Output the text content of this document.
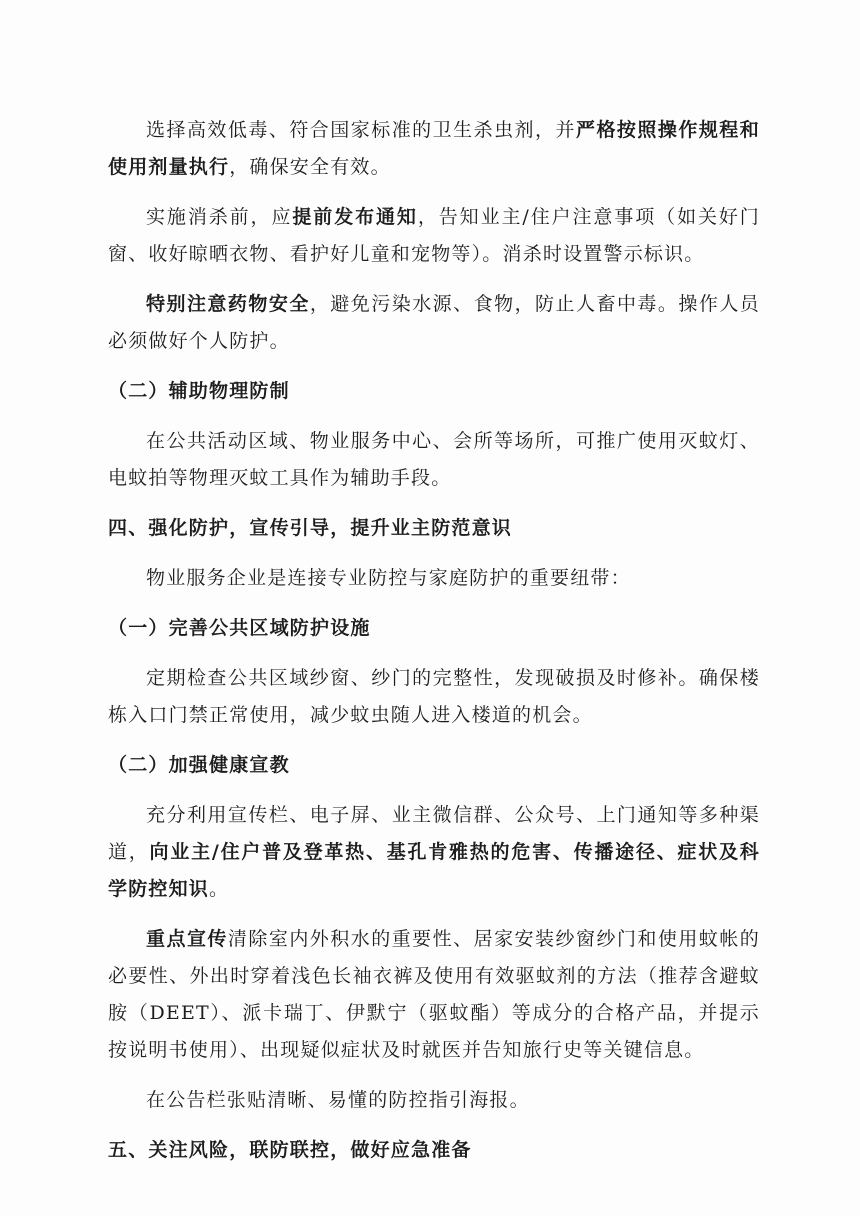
选择高效低毒、符合国家标准的卫生杀虫剂，并严格按照操作规程和使用剂量执行，确保安全有效。

实施消杀前，应提前发布通知，告知业主/住户注意事项（如关好门窗、收好晾晒衣物、看护好儿童和宠物等）。消杀时设置警示标识。

特别注意药物安全，避免污染水源、食物，防止人畜中毒。操作人员必须做好个人防护。

（二）辅助物理防制

在公共活动区域、物业服务中心、会所等场所，可推广使用灭蚊灯、电蚊拍等物理灭蚊工具作为辅助手段。

四、强化防护，宣传引导，提升业主防范意识

物业服务企业是连接专业防控与家庭防护的重要纽带：

（一）完善公共区域防护设施

定期检查公共区域纱窗、纱门的完整性，发现破损及时修补。确保楼栋入口门禁正常使用，减少蚊虫随人进入楼道的机会。

（二）加强健康宣教

充分利用宣传栏、电子屏、业主微信群、公众号、上门通知等多种渠道，向业主/住户普及登革热、基孔肯雅热的危害、传播途径、症状及科学防控知识。

重点宣传清除室内外积水的重要性、居家安装纱窗纱门和使用蚊帐的必要性、外出时穿着浅色长袖衣裤及使用有效驱蚊剂的方法（推荐含避蚊胺（DEET）、派卡瑞丁、伊默宁（驱蚊酯）等成分的合格产品，并提示按说明书使用）、出现疑似症状及时就医并告知旅行史等关键信息。

在公告栏张贴清晰、易懂的防控指引海报。

五、关注风险，联防联控，做好应急准备
